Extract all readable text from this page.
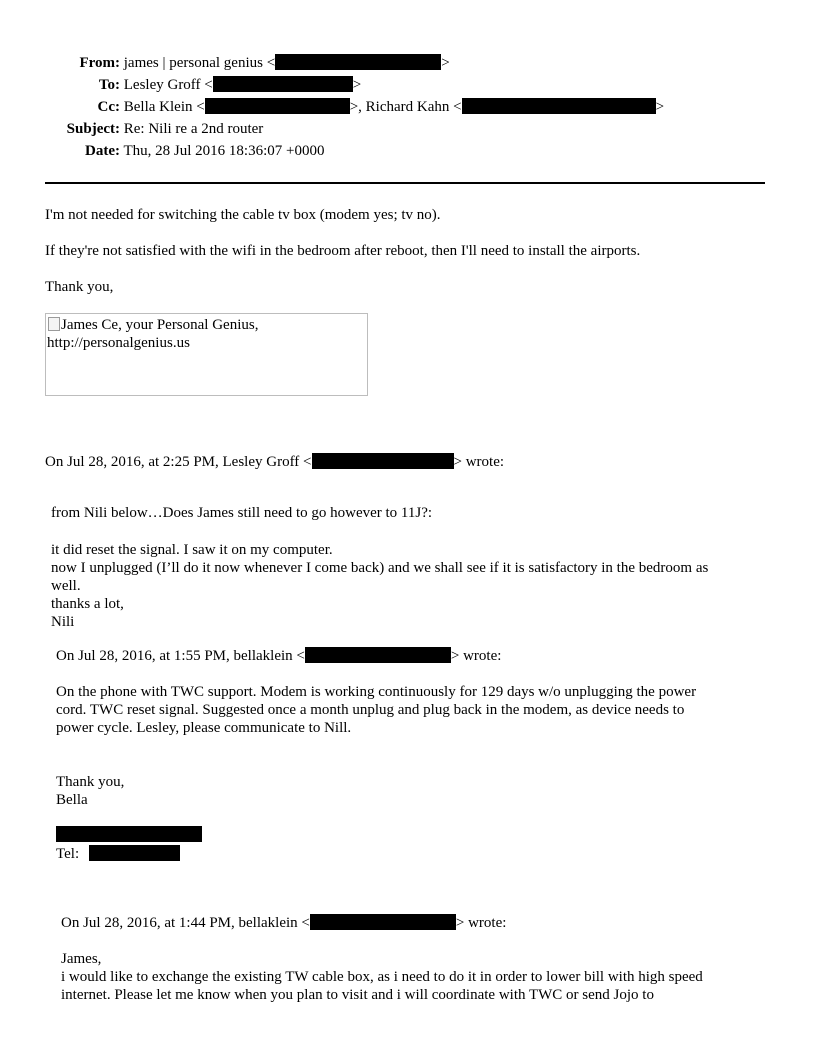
From: james | personal genius <	>
To: Lesley Groff <	>
Cc: Bella Klein <	>, Richard Kahn <	>
Subject: Re: Nili re a 2nd router
Date: Thu, 28 Jul 2016 18:36:07 +0000
I'm not needed for switching the cable tv box (modem yes; tv no).
If they're not satisfied with the wifi in the bedroom after reboot, then I'll need to install the airports.
Thank you,
James Ce, your Personal Genius,
http://personalgenius.us
On Jul 28, 2016, at 2:25 PM, Lesley Groff <	> wrote:
from Nili below…Does James still need to go however to 11J?:
it did reset the signal. I saw it on my computer.
now I unplugged (I’ll do it now whenever I come back) and we shall see if it is satisfactory in the bedroom as
well.
thanks a lot,
Nili
On Jul 28, 2016, at 1:55 PM, bellaklein <	> wrote:
On the phone with TWC support. Modem is working continuously for 129 days w/o unplugging the power
cord. TWC reset signal. Suggested once a month unplug and plug back in the modem, as device needs to
power cycle. Lesley, please communicate to Nill.
Thank you,
Bella
Tel:
On Jul 28, 2016, at 1:44 PM, bellaklein <	> wrote:
James,
i would like to exchange the existing TW cable box, as i need to do it in order to lower bill with high speed
internet. Please let me know when you plan to visit and i will coordinate with TWC or send Jojo to
